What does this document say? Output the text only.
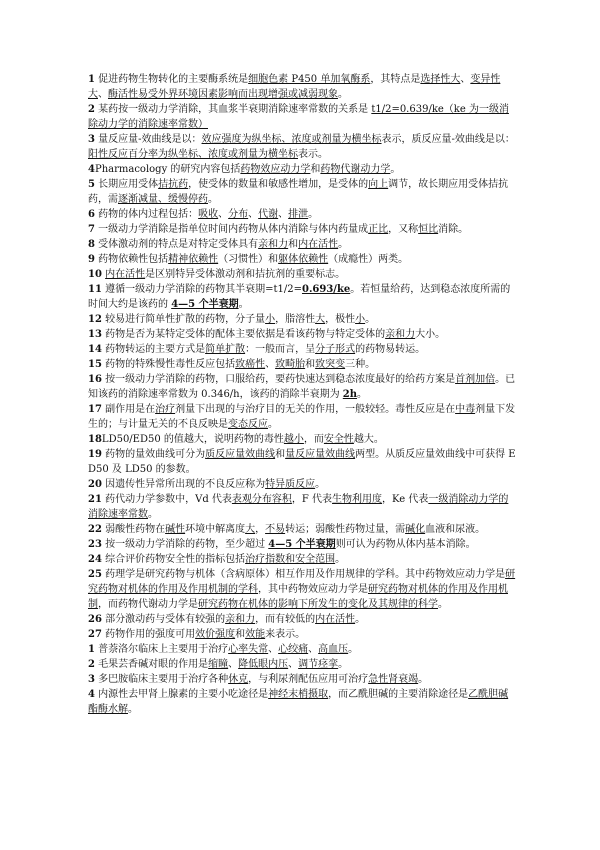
1 促进药物生物转化的主要酶系统是细胞色素 P450 单加氧酶系，其特点是选择性大、变异性大、酶活性易受外界环境因素影响而出现增强或减弱现象。

2 某药按一级动力学消除，其血浆半衰期消除速率常数的关系是 t1/2=0.639/ke（ke 为一级消除动力学的消除速率常数）

3 量反应量-效曲线是以：效应强度为纵坐标、浓度或剂量为横坐标表示，质反应量-效曲线是以：阳性反应百分率为纵坐标、浓度或剂量为横坐标表示。

4Pharmacology 的研究内容包括药物效应动力学和药物代谢动力学。

5 长期应用受体拮抗药，使受体的数量和敏感性增加，是受体的向上调节，故长期应用受体拮抗药，需逐渐减量、缓慢停药。

6 药物的体内过程包括：吸收、分布、代谢、排泄。

7 一级动力学消除是指单位时间内药物从体内消除与体内药量成正比，又称恒比消除。

8 受体激动剂的特点是对特定受体具有亲和力和内在活性。

9 药物依赖性包括精神依赖性（习惯性）和躯体依赖性（成瘾性）两类。

10 内在活性是区别特异受体激动剂和拮抗剂的重要标志。

11 遵循一级动力学消除的药物其半衰期=t1/2=0.693/ke。若恒量给药，达到稳态浓度所需的时间大约是该药的 4—5 个半衰期。

12 较易进行简单性扩散的药物，分子量小，脂溶性大，极性小。

13 药物是否为某特定受体的配体主要依据是看该药物与特定受体的亲和力大小。

14 药物转运的主要方式是简单扩散：一般而言，呈分子形式的药物易转运。

15 药物的特殊慢性毒性反应包括致癌性、致畸胎和致突变三种。

16 按一级动力学消除的药物，口服给药，要药快速达到稳态浓度最好的给药方案是首剂加倍。已知该药的消除速率常数为 0.346/h，该药的消除半衰期为 2h。

17 副作用是在治疗剂量下出现的与治疗目的无关的作用，一般较轻。毒性反应是在中毒剂量下发生的；与计量无关的不良反映是变态反应。

18LD50/ED50 的值越大，说明药物的毒性越小，而安全性越大。

19 药物的量效曲线可分为质反应量效曲线和量反应量效曲线两型。从质反应量效曲线中可获得 ED50 及 LD50 的参数。

20 因遗传性异常所出现的不良反应称为特异质反应。

21 药代动力学参数中，Vd 代表表观分布容积，F 代表生物利用度，Ke 代表一级消除动力学的消除速率常数。

22 弱酸性药物在碱性环境中解离度大，不易转运；弱酸性药物过量，需碱化血液和尿液。

23 按一级动力学消除的药物，至少超过 4—5 个半衰期则可认为药物从体内基本消除。

24 综合评价药物安全性的指标包括治疗指数和安全范围。

25 药理学是研究药物与机体（含病原体）相互作用及作用规律的学科。其中药物效应动力学是研究药物对机体的作用及作用机制的学科，其中药物效应动力学是研究药物对机体的作用及作用机制，而药物代谢动力学是研究药物在机体的影响下所发生的变化及其规律的科学。

26 部分激动药与受体有较强的亲和力，而有较低的内在活性。

27 药物作用的强度可用效价强度和效能来表示。

1 普萘洛尔临床上主要用于治疗心率失常、心绞痛、高血压。

2 毛果芸香碱对眼的作用是缩瞳、降低眼内压、调节痉挛。

3 多巴胺临床主要用于治疗各种休克，与利尿剂配伍应用可治疗急性肾衰竭。

4 内源性去甲肾上腺素的主要小吃途径是神经末梢摄取，而乙酰胆碱的主要消除途径是乙酰胆碱酯酶水解。
